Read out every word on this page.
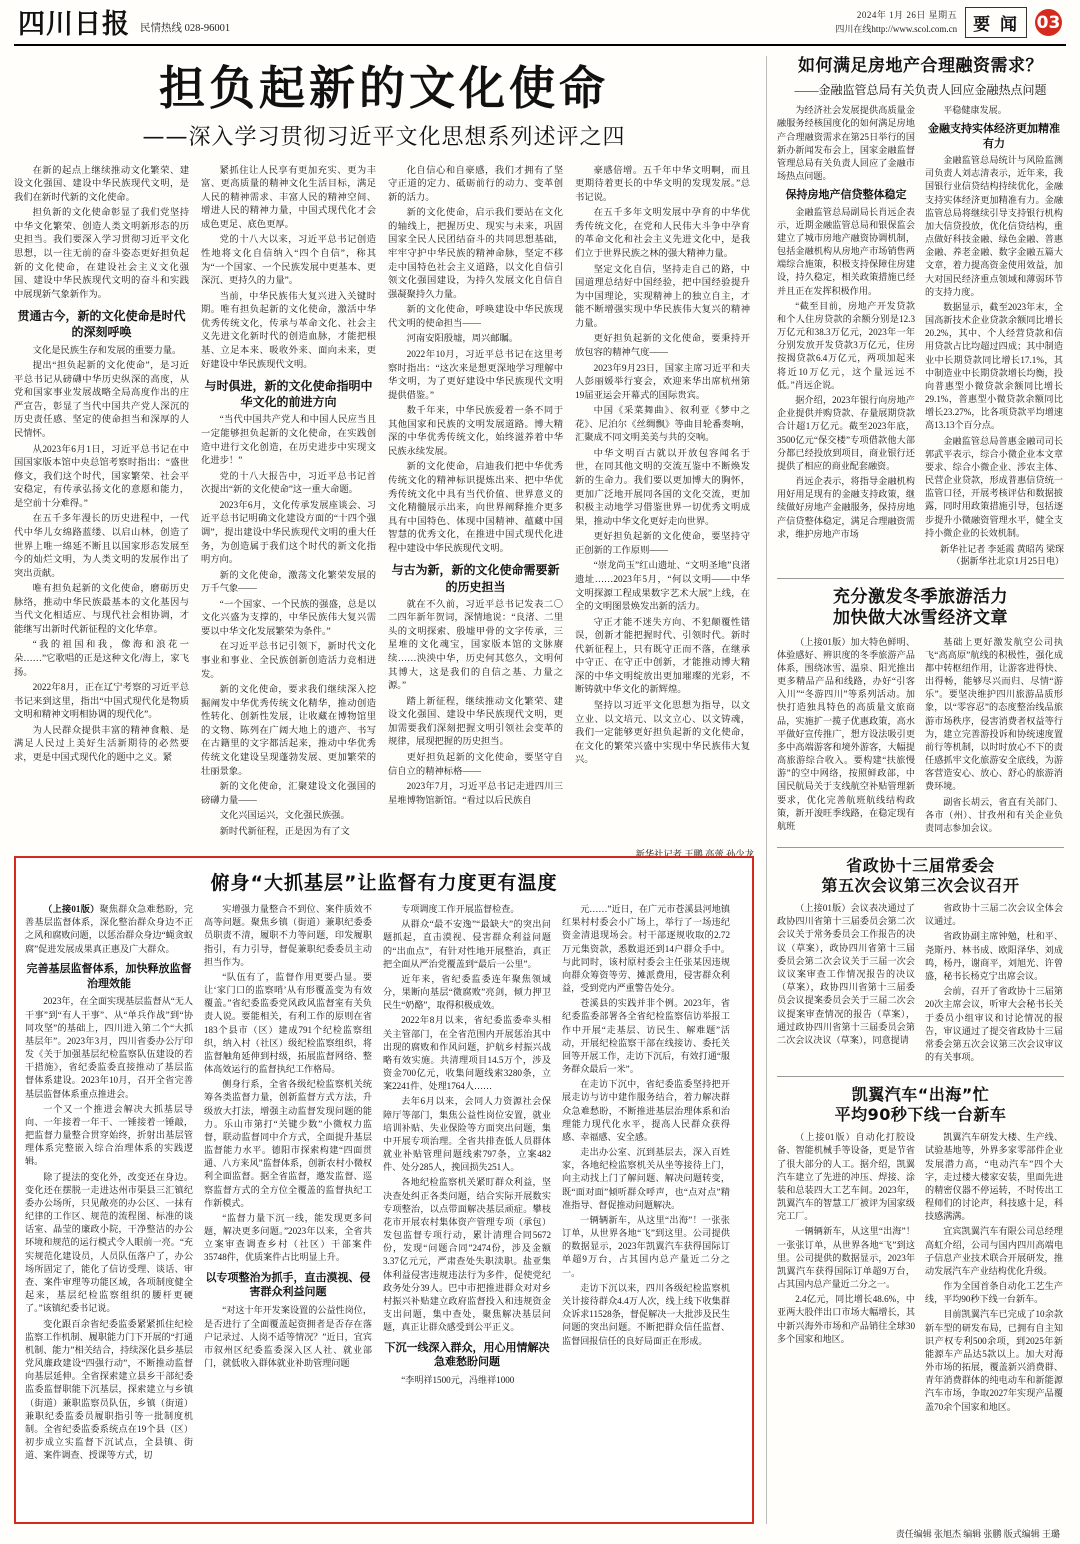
四川日报 民情热线 028-96001
2024年 1月 26日 星期五
四川在线http://www.scol.com.cn 要 闻	03
担负起新的文化使命
——深入学习贯彻习近平文化思想系列述评之四

在新的起点上继续推动文化繁荣、建设文化强国、建设中华民族现代文明，是我们在新时代新的文化使命。

担负新的文化使命彰显了我们党坚持中华文化繁荣、创造人类文明新形态的历史担当。我们要深入学习贯彻习近平文化思想，以一往无前的奋斗姿态更好担负起新的文化使命，在建设社会主义文化强国、建设中华民族现代文明的奋斗和实践中展现新气象新作为。

贯通古今，新的文化使命是时代的深刻呼唤

文化是民族生存和发展的重要力量。

提出“担负起新的文化使命”，是习近平总书记从磅礴中华历史纵深的高度，从党和国家事业发展战略全局高度作出的庄严宣告，彰显了当代中国共产党人深沉的历史责任感、坚定的使命担当和深厚的人民情怀。

从2023年6月1日，习近平总书记在中国国家版本馆中央总馆考察时指出：“盛世修文，我们这个时代，国家繁荣、社会平安稳定，有传承弘扬文化的意愿和能力，是空前十分难得。”

在五千多年漫长的历史进程中，一代代中华儿女绵路蓝缕、以启山林，创造了世界上唯一绵延不断且以国家形态发展至今的灿烂文明，为人类文明的发展作出了突出贡献。

唯有担负起新的文化使命，磨砺历史脉络，推动中华民族最基本的文化基因与当代文化相适应、与现代社会相协调，才能继写出新时代新征程的文化华章。

“我的祖国和我，像海和浪花一朵……”它歌唱的正是这种文化/海上，家飞扬。

2022年8月，正在辽宁考察的习近平总书记来到这里，指出“中国式现代化是物质文明和精神文明相协调的现代化”。

为人民群众提供丰富的精神食粮、是满足人民过上美好生活新期待的必然要求，更是中国式现代化的题中之义。紧

紧抓住让人民享有更加充实、更为丰富、更高质量的精神文化生活目标，满足人民的精神需求、丰富人民的精神空间、增进人民的精神力量，中国式现代化才会成色更足、底色更厚。

党的十八大以来，习近平总书记创造性地将文化自信纳入“四个自信”，称其为“一个国家、一个民族发展中更基本、更深沉、更持久的力量”。

当前，中华民族伟大复兴进入关键时期。唯有担负起新的文化使命，激活中华优秀传统文化，传承与革命文化、社会主义先进文化新时代的创造血脉，才能把根基、立足本来、吸收外来、面向未来，更好建设中华民族现代文明。

与时俱进，新的文化使命指明中华文化的前进方向

“当代中国共产党人和中国人民应当且一定能够担负起新的文化使命，在实践创造中进行文化创造，在历史进步中实现文化进步！”

党的十八大报告中，习近平总书记首次提出“新的文化使命”这一重大命题。

2023年6月，文化传承发展座谈会、习近平总书记明确文化建设方面的“十四个强调”，提出建设中华民族现代文明的重大任务，为创造属于我们这个时代的新文化指明方向。

新的文化使命，激荡文化繁荣发展的万千气象——

“一个国家、一个民族的强盛，总是以文化兴盛为支撑的，中华民族伟大复兴需要以中华文化发展繁荣为条件。”

在习近平总书记引领下，新时代文化事业和事业、全民族创新创造活力竞相迸发。

新的文化使命，要求我们继续深入挖掘阐发中华优秀传统文化精华，推动创造性转化、创新性发展，让收藏在博物馆里的文物、陈列在广阔大地上的遗产、书写在古籍里的文字都活起来，推动中华优秀传统文化建设呈现蓬勃发展、更加繁荣的壮丽景象。

新的文化使命，汇聚建设文化强国的磅礴力量——

文化兴国运兴，文化强民族强。

新时代新征程，正是因为有了文

化自信心和自豪感，我们才拥有了坚守正道的定力、砥砺前行的动力、变革创新的活力。

新的文化使命，启示我们要站在文化的轴线上，把握历史、现实与未来，巩固国家全民人民团结奋斗的共同思想基础，牢牢守护中华民族的精神命脉，坚定不移走中国特色社会主义道路，以文化自信引领文化强国建设，为持久发展文化自信自强凝聚持久力量。

新的文化使命，呼唤建设中华民族现代文明的使命担当——

河南安阳殷墟，周兴邮瞩。

2022年10月，习近平总书记在这里考察时指出：“这次来是想更深地学习理解中华文明，为了更好建设中华民族现代文明提供借鉴。”

数千年来，中华民族爱着一条不同于其他国家和民族的文明发展道路。博大精深的中华优秀传统文化，始终滋养着中华民族永续发展。

新的文化使命，启迪我们把中华优秀传统文化的精神标识提炼出来、把中华优秀传统文化中具有当代价值、世界意义的文化精髓展示出来，向世界阐释推介更多具有中国特色、体现中国精神、蕴藏中国智慧的优秀文化，在推进中国式现代化进程中建设中华民族现代文明。

与古为新，新的文化使命需要新的历史担当

就在不久前，习近平总书记发表二〇二四年新年贺词，深情地说：“良渚、二里头的文明探索、殷墟甲骨的文字传承，三星堆的文化魂宝，国家版本馆的文脉赓续……泱泱中华，历史何其悠久，文明何其博大，这是我们的自信之基、力量之源。”

踏上新征程，继续推动文化繁荣、建设文化强国、建设中华民族现代文明，更加需要我们深刻把握文明引领社会变革的规律，展现把握的历史担当。

更好担负起新的文化使命，要坚守自信自立的精神标格——

2023年7月，习近平总书记走进四川三星堆博物馆新馆。“看过以后民族自

豪感倍增。五千年中华文明啊，而且更期待着更长的中华文明的发现发展。”总书记说。

在五千多年文明发展中孕育的中华优秀传统文化，在党和人民伟大斗争中孕育的革命文化和社会主义先进文化中，是我们立于世界民族之林的强大精神力量。

坚定文化自信，坚持走自己的路，中国道理总结好中国经验，把中国经验提升为中国理论，实现精神上的独立自主，才能不断增强实现中华民族伟大复兴的精神力量。

更好担负起新的文化使命，要秉持开放包容的精神气度——

2023年9月23日，国家主席习近平和夫人彭丽媛举行宴会，欢迎来华出席杭州第19届亚运会开幕式的国际贵宾。

中国《采菜舞曲》、叙利亚《梦中之花》、尼泊尔《丝绸飘》等曲目轮番奏响，汇聚成不同文明美美与共的交响。

中华文明百古就以开放包容闻名于世，在同其他文明的交流互鉴中不断焕发新的生命力。我们要以更加博大的胸怀，更加广泛地开展同各国的文化交流，更加积极主动地学习借鉴世界一切优秀文明成果，推动中华文化更好走向世界。

更好担负起新的文化使命，要坚持守正创新的工作原则——

“崇龙尚玉”红山遗址、“文明圣地”良渚遗址……2023年5月，“何以文明——中华文明探源工程成果数字艺术大展”上线，在全的文明图景焕发出新的活力。

守正才能不迷失方向、不犯颠覆性错误，创新才能把握时代、引领时代。新时代新征程上，只有既守正而不落，在继承中守正、在守正中创新，才能推动博大精深的中华文明绽放出更加璀璨的光彩，不断铸就中华文化的新辉煌。

坚持以习近平文化思想为指导，以文立业、以文培元、以文立心、以文铸魂，我们一定能够更好担负起新的文化使命，在文化的繁荣兴盛中实现中华民族伟大复兴。

俯身“大抓基层”让监督有力度更有温度

（上接01版）聚焦群众急难愁盼，完善基层监督体系，深化整治群众身边不正之风和腐败问题，以惩治群众身边“蝇贪蚁腐”促进发展成果真正惠及广大群众。

完善基层监督体系，加快释放监督治理效能

2023年，在全面实现基层监督从“无人干事”到“有人干事”、从“单兵作战”到“协同攻坚”的基础上，四川进入第二个“大抓基层年”。2023年3月，四川省委办公厅印发《关于加强基层纪检监察队伍建设的若干措施》，省纪委监委直接推动了基层监督体系建设。2023年10月，召开全省完善基层监督体系重点推进会。

一个又一个推进会解决大抓基层导向、一年接着一年干、一锤接着一锤敲，把监督力量整合贯穿始终，折射出基层管理体系完整嵌入综合治理体系的实践逻辑。

除了提法的变化外，改变还在身边。变化还在摆脱一走进达州市渠县三汇镇纪委办公场所，只见敞亮的办公区、一抹有纪律的工作区、规范的流程图、标准的谈话室、晶莹的廉政小院，干净整洁的办公环境和规范的运行模式令人眼前一亮。“充实规范化建设员，人员队伍落户了，办公场所固定了，能化了信访受理、谈话、审查、案件审理等功能区域，各项制度健全起来，基层纪检监察组织的腰杆更硬了。”该镇纪委书记说。

变化跟百余省纪委监委紧紧抓住纪检监察工作机制、履职能力门下开展的“打通机制、能力”相关结合，持续深化县乡基层党风廉政建设“四强行动”，不断推动监督向基层延伸。全省探索建立县乡干部纪委监委监督职能下沉基层，探索建立与乡镇（街道）兼职监察员队伍，乡镇（街道）兼职纪委监委员履职指引等一批制度机制。全省纪委监委系统点在19个县（区）初步成立实监督下沉试点，全县镇、街道、案件调查、授课等方式，切

实增强力量整合不到位、案件质效不高等问题。聚焦乡镇（街道）兼职纪委委员职责不清，履职不力等问题，印发履职指引，有力引导，督促兼职纪委委员主动担当作为。

“队伍有了，监督作用更要凸显。要让‘家门口的监察哨’从有形覆盖变为有效覆盖。”省纪委监委党风政风监督室有关负责人说。要能相关，有利工作的原则在省183个县市（区）建成791个纪检监察组织，纳入村（社区）级纪检监察组织，将监督触角延伸到村级，拓展监督网络、整体高效运行的监督执纪工作格局。

侧身行系，全省各级纪检监察机关统筹各类监督力量，创新监督方式方法，升级放大打法，增强主动监督发现问题的能力。乐山市第打“关键少数”小微权力监督，联动监督同中介方式，全面提升基层监督能力水平。德阳市探索构建“四面贯通、八方来风”监督体系，创新农村小微权利全面监督。据全省监督，邀发监督、巡察监督方式的全方位全覆盖的监督执纪工作新模式。

“监督力量下沉一线，能发现更多问题，解决更多问题。”2023年以来，全省共立案审查调查乡村（社区）干部案件35748件，优质案件占比明显上升。

以专项整治为抓手，直击漠视、侵害群众利益问题

“对这十年开发案设置的公益性岗位，是否进行了全面覆盖起资拥者是否存在落户记录过、人岗不适等情况？”近日，宜宾市叙州区纪委监委深入区人社、就业部门，就低收入群体就业补助管理问题

专项调度工作开展监督检查。

从群众“最不安逸”“最缺大”的突出问题抓起，直击漠视、侵害群众利益问题的“出血点”，有针对性地开展整治，真正把全面从严治党覆盖到“最后一公里”。

近年来，省纪委监委连年聚焦领域分，果断向基层“微腐败”亮剑，倾力押卫民生“奶酪”，取得积极成效。

2022年8月以来，省纪委监委牵头相关主管部门，在全省范围内开展惩治其中出现的腐败和作风问题，护航乡村振兴战略有效实施。共清理项目14.5万个，涉及资金700亿元，收集问题线索3280条，立案2241件、处理1764人……

去年6月以来，会同人力资源社会保障厅等部门，集焦公益性岗位安置，就业培训补贴、失业保险等方面突出问题，集中开展专项治理。全省共排查低人员群体就业补贴管理问题线索797条，立案482件、处分285人，挽回损失251人。

各地纪检监察机关紧盯群众利益，坚决查处纠正各类问题，结合实际开展数实专项整治，以点带面解决基层顽症。攀枝花市开展农村集体资产管理专项（承包）发包监督专项行动，累计清理合同5672份，发现“问题合同”2474份，涉及金额3.37亿元元，严肃查处失职渎职。盐亚集体利益侵害违规违法行为多件，促使党纪政务处分39人。巴中市把推进群众对对乡村振兴补贴建立政府监督投入和违规资金支出问题，集中查处，聚焦解决基层问题，真正让群众感受到公平正义。

下沉一线深入群众，用心用情解决急难愁盼问题

“李明祥1500元，冯维祥1000

元……”近日，在广元市苍溪县河地镇红果村村委会小广场上，举行了一场违纪资金清退现场会。村干部逐规收取的2.72万元集资款，悉数退还到14户群众手中。与此同时，该村原村委会主任张某因违规向群众筹资等劳、摊派费用，侵害群众利益，受到党内严重警告处分。

苍溪县的实践并非个例。2023年，省纪委监委部署各全省纪检监察信访举报工作中开展“走基层、访民生、解难题”活动，开展纪检监察干部在线接访、委托关回等开展工作，走访下沉后，有效打通“服务群众最后一米”。

在走访下沉中，省纪委监委坚持把开展走访与访中建作服务结合，着力解决群众急难愁盼，不断推进基层治理体系和治理能力现代化水平，提高人民群众获得感、幸福感、安全感。

走出办公室、沉到基层去，深入百姓家，各地纪检监察机关从坐等接待上门，向主动找上门了解问题、解决问题转变，既“面对面”倾听群众呼声，也“点对点”精准指导、督促推动问题解决。

一辆辆新车，从这里“出海”！一张张订单，从世界各地“飞”到这里。公司提供的数据显示，2023年凯翼汽车获得国际订单超9万台，占其国内总产量近二分之一。

走访下沉以来，四川各级纪检监察机关计接待群众4.4万人次，线上线下收集群众诉求11528条，督促解决一大批涉及民生问题的突出问题。不断把群众信任监督、监督回报信任的良好局面正在形成。

如何满足房地产合理融资需求？
——金融监管总局有关负责人回应金融热点问题

为经济社会发展提供高质量金融服务经核国度化的如何满足房地产合理融资需求在第25日举行的国新办新闻发布会上，国家金融监督管理总局有关负责人回应了金融市场热点问题。

保持房地产信贷整体稳定

金融监管总局副局长肖远企表示，近期金融监管总局和银保监会建立了城市房地产融资协调机制，包括金融机构从房地产市场销售两端综合施策，积极支持保障住房建设，持久稳定，相关政策措施已经并且正在发挥积极作用。

“截至目前，房地产开发贷款和个人住房贷款的余额分别是12.3万亿元和38.3万亿元，2023年一年分别发放开发贷款3万亿元，住房按揭贷款6.4万亿元，两项加起来将近10万亿元，这个量远远不低。”肖远企说。

据介绍，2023年银行向房地产企业提供并购贷款、存量展期贷款合计超1万亿元。截至2023年底，3500亿元“保交楼”专项借款他大部分都已经投放到项目，商业银行还提供了相应的商业配套融资。

肖远企表示，将指导金融机构用好用足现有的金融支持政策，继续做好房地产金融服务，保持房地产信贷整体稳定，满足合理融资需求，维护房地产市场

平稳健康发展。

金融支持实体经济更加精准有力

金融监管总局统计与风险监测司负责人刘志清表示，近年来，我国银行业信贷结构持续优化，金融支持实体经济更加精准有力。金融监管总局将继续引导支持银行机构加大信贷投放，优化信贷结构，重点做好科技金融、绿色金融、普惠金融、养老金融、数字金融五篇大文章，着力提高资金使用效益，加大对国民经济重点领域和薄弱环节的支持力度。

数据显示，截至2023年末，全国高新技术企业贷款余额同比增长20.2%，其中、个人经营贷款和信用贷款占比均超过四成；其中制造业中长期贷款同比增长17.1%，其中制造业中长期贷款增长均衡，投向普惠型小微贷款余额同比增长29.1%，普惠型小微贷款余额同比增长23.27%，比各项贷款平均增速高13.13个百分点。

金融监管总局普惠金融司司长郭武平表示，综合小微企业本文章要求、综合小微企业、涉农主体、民营企业贷款，形成普惠信贷统一监管口径，开展考核评估和数据披露，同时用政策措施引导，包括逐步提升小微融资管理水平，健全支持小微企业的长效机制。

新华社记者 李延霞 黄昭芮 梁琛
（据新华社北京1月25日电）
充分激发冬季旅游活力
加快做大冰雪经济文章

（上接01版）加大特色鲜明、体验感好、辨识度的冬季旅游产品体系，围绕冰雪、温泉、阳光推出更多精品产品和线路，办好“引客入川”“冬游四川”等系列活动。加快打造独具特色的高质量文旅商品，实施扩一揽子优惠政策，高水平做好宣传推广，想方设法吸引更多中高端游客和境外游客，大幅提高旅游综合收入。要构建“扶旅慢游”的空中网络，按照鲜政部，中国民航局关于支线航空补贴管理新要求，优化完善航班航线结构政策，新开浚旺季线路，在稳定现有航班

基础上更好激发航空公司执飞“高高原”航线的积极性，强化成都中转枢纽作用，让游客进得快、出得畅，能够尽兴而归、尽情“游乐”。要坚决维护四川旅游品质形象，以“零容忍”的态度整治线品旅游市场秩序，侵害消费者权益等行为，建立完善游投诉和协统速度置前行等机制，以时时放心不下的责任感抓牢文化旅游安全底线，为游客营造安心、放心、舒心的旅游消费环境。

副省长胡云，省直有关部门、各市（州）、甘孜州和有关企业负责同志参加会议。

省政协十三届常委会
第五次会议第三次会议召开

（上接01版）会议表决通过了政协四川省第十三届委员会第二次会议关于常务委员会工作报告的决议（草案），政协四川省第十三届委员会第二次会议关于三届一次会议议案审查工作情况报告的决议（草案），政协四川省第十三届委员会议提案委员会关于三届二次会议提案审查情况的报告（草案），通过政协四川省第十三届委员会第二次会议决议（草案），同意提请

省政协十三届二次会议全体会议通过。

省政协副主席钟勉，杜和平、尧斯丹、林书成、欧阳泽华、刘成鸣，杨丹，谢商平，刘旭光、许曾盛，秘书长杨克宁出席会议。

会前，召开了省政协十三届第20次主席会议，听审大会秘书长关于委员小组审议和讨论情况的报告，审议通过了提交省政协十三届常委会第五次会议第三次会议审议的有关事项。

凯翼汽车“出海”忙
平均90秒下线一台新车

（上接01版）自动化打胶设备、智能机械手等设备，更是节省了很大部分的人工。据介绍，凯翼汽车建立了先进的冲压、焊接、涂装和总装四大工艺车间。2023年，凯翼汽车的智慧工厂被评为国家级完工厂。

一辆辆新车，从这里“出海”！一张张订单，从世界各地“飞”到这里。公司提供的数据显示，2023年凯翼汽车获得国际订单超9万台，占其国内总产量近二分之一。

2.4亿元，同比增长48.6%，中亚两大股伴出口市场大幅增长，其中新兴海外市场和产品销往全球30多个国家和地区。

凯翼汽车研发大楼、生产线、试验基地等，外界多家零部件企业发展潜力高，“电动汽车”四个大字，走过楼大楼家安装，里面先进的精密仪器不停运转，不时传出工程师们的讨论声，科技感十足，科技感满满。

宜宾凯翼汽车有限公司总经理高虹介绍，公司与国内四川高端电子信息产业技术联合开展研发，推动发展汽车产业结构优化升级。

作为全国首条自动化工艺生产线，平均90秒下线一台新车。

目前凯翼汽车已完成了10余款新车型的研发布局，已拥有自主知识产权专利500余项，到2025年新能源车产品达5款以上。加大对海外市场的拓展，覆盖新兴消费群、青年消费群体的纯电动车和新能源汽车市场，争取2027年实现产品覆盖70余个国家和地区。

责任编辑 张旭杰 编辑 张鹏 版式编辑 王璐
